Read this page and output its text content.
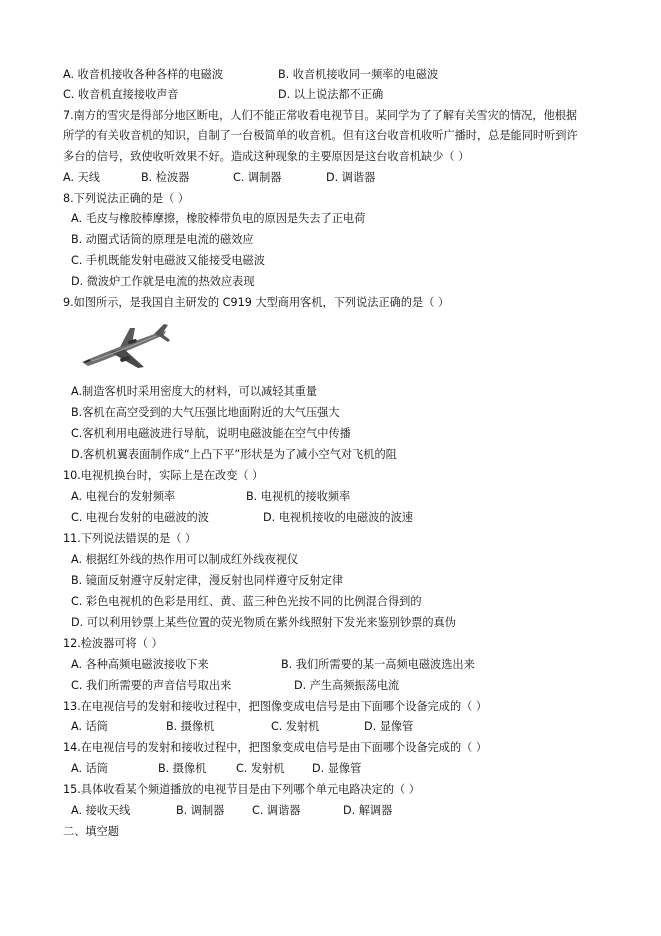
A. 收音机接收各种各样的电磁波	B. 收音机接收同一频率的电磁波
C. 收音机直接接收声音	D. 以上说法都不正确
7.南方的雪灾是得部分地区断电，人们不能正常收看电视节目。某同学为了了解有关雪灾的情况，他根据
所学的有关收音机的知识，自制了一台极简单的收音机。但有这台收音机收听广播时，总是能同时听到许
多台的信号，致使收听效果不好。造成这种现象的主要原因是这台收音机缺少（ ）
A. 天线	B. 检波器	C. 调制器	D. 调谐器
8.下列说法正确的是（ ）
A. 毛皮与橡胶棒摩擦，橡胶棒带负电的原因是失去了正电荷
B. 动圈式话筒的原理是电流的磁效应
C. 手机既能发射电磁波又能接受电磁波
D. 微波炉工作就是电流的热效应表现
9.如图所示，是我国自主研发的 C919 大型商用客机，下列说法正确的是（ ）
A.制造客机时采用密度大的材料，可以减轻其重量
B.客机在高空受到的大气压强比地面附近的大气压强大
C.客机利用电磁波进行导航，说明电磁波能在空气中传播
D.客机机翼表面制作成“上凸下平”形状是为了减小空气对飞机的阻
10.电视机换台时，实际上是在改变（ ）
A. 电视台的发射频率	B. 电视机的接收频率
C. 电视台发射的电磁波的波	D. 电视机接收的电磁波的波速
11.下列说法错误的是（ ）
A. 根据红外线的热作用可以制成红外线夜视仪
B. 镜面反射遵守反射定律，漫反射也同样遵守反射定律
C. 彩色电视机的色彩是用红、黄、蓝三种色光按不同的比例混合得到的
D. 可以利用钞票上某些位置的荧光物质在紫外线照射下发光来鉴别钞票的真伪
12.检波器可将（ ）
A. 各种高频电磁波接收下来	B. 我们所需要的某一高频电磁波选出来
C. 我们所需要的声音信号取出来	D. 产生高频振荡电流
13.在电视信号的发射和接收过程中，把图像变成电信号是由下面哪个设备完成的（ ）
A. 话筒	B. 摄像机	C. 发射机	D. 显像管
14.在电视信号的发射和接收过程中，把图象变成电信号是由下面哪个设备完成的（ ）
A. 话筒	B. 摄像机	C. 发射机 D. 显像管
15.具体收看某个频道播放的电视节目是由下列哪个单元电路决定的（ ）
A. 接收天线	B. 调制器 C. 调谐器	D. 解调器
二、填空题
